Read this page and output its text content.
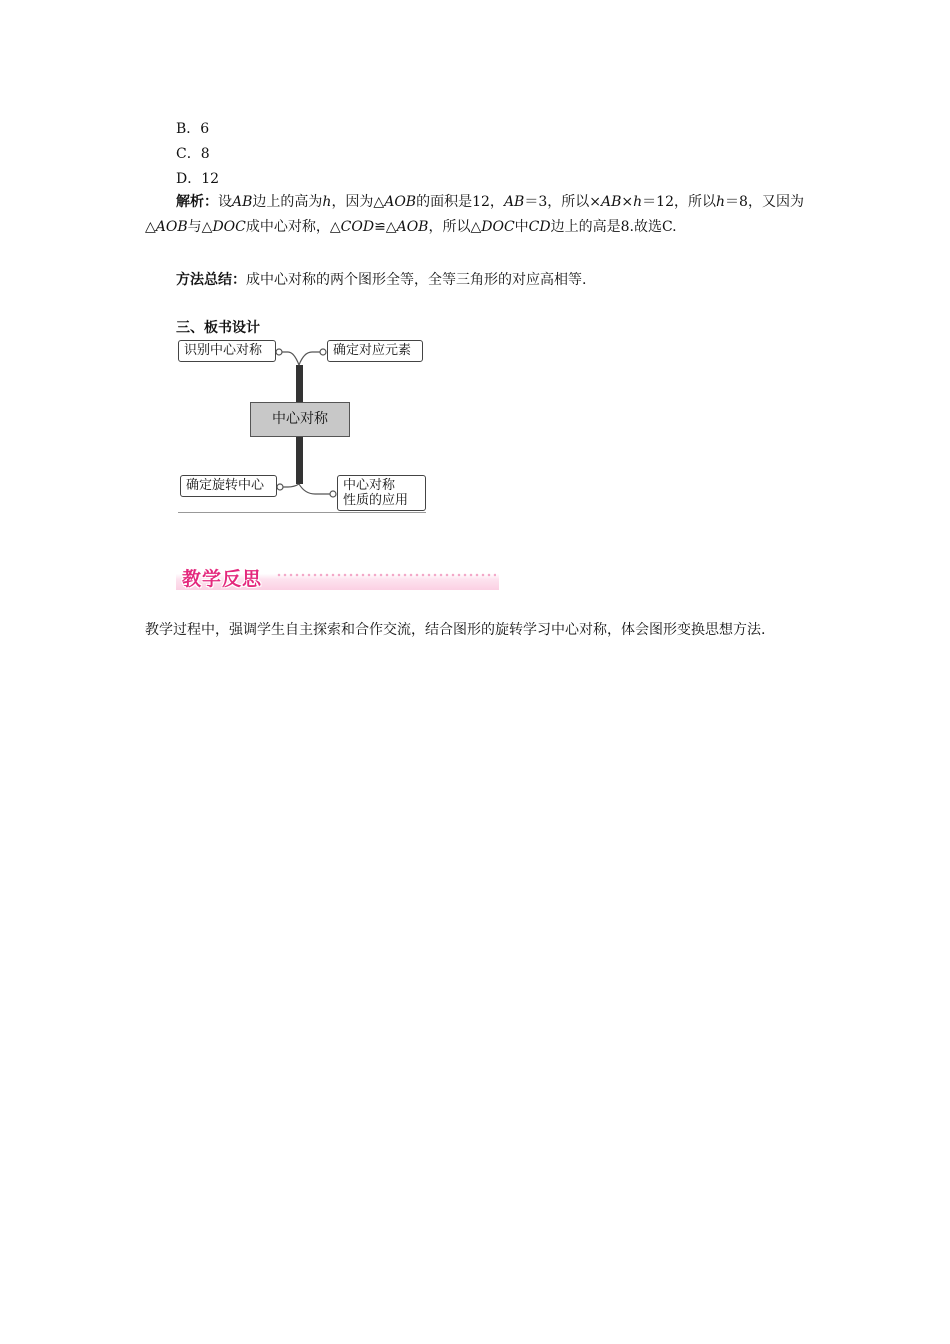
B．6
C．8
D．12
解析：设AB边上的高为h，因为△AOB的面积是12，AB＝3，所以×AB×h＝12，所以h＝8，又因为△AOB与△DOC成中心对称，△COD≌△AOB，所以△DOC中CD边上的高是8.故选C.
方法总结：成中心对称的两个图形全等，全等三角形的对应高相等.
三、板书设计
识别中心对称	确定对应元素
中心对称
确定旋转中心	中心对称
性质的应用
教学反思
教学过程中，强调学生自主探索和合作交流，结合图形的旋转学习中心对称，体会图形变换思想方法.
